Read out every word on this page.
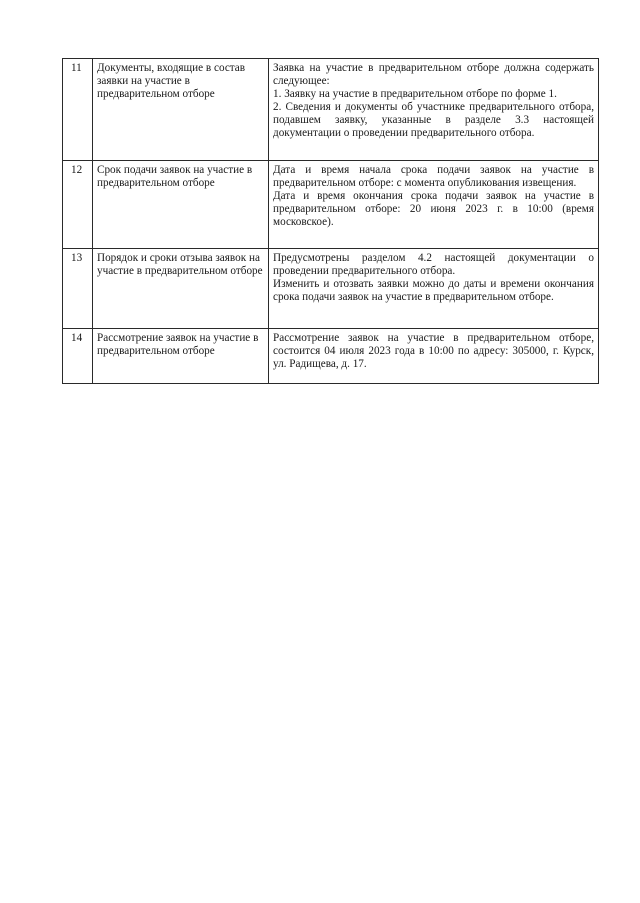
11	Документы, входящие в состав заявки на участие в предварительном отборе	Заявка на участие в предварительном отборе должна содержать следующее:

1. Заявку на участие в предварительном отборе по форме 1.

2. Сведения и документы об участнике предварительного отбора, подавшем заявку, указанные в разделе 3.3 настоящей документации о проведении предварительного отбора.

12	Срок подачи заявок на участие в предварительном отборе	Дата и время начала срока подачи заявок на участие в предварительном отборе: с момента опубликования извещения.

Дата и время окончания срока подачи заявок на участие в предварительном отборе: 20 июня 2023 г. в 10:00 (время московское).

13	Порядок и сроки отзыва заявок на участие в предварительном отборе	Предусмотрены разделом 4.2 настоящей документации о проведении предварительного отбора.

Изменить и отозвать заявки можно до даты и времени окончания срока подачи заявок на участие в предварительном отборе.

14	Рассмотрение заявок на участие в предварительном отборе	Рассмотрение заявок на участие в предварительном отборе, состоится 04 июля 2023 года в 10:00 по адресу: 305000, г. Курск, ул. Радищева, д. 17.
